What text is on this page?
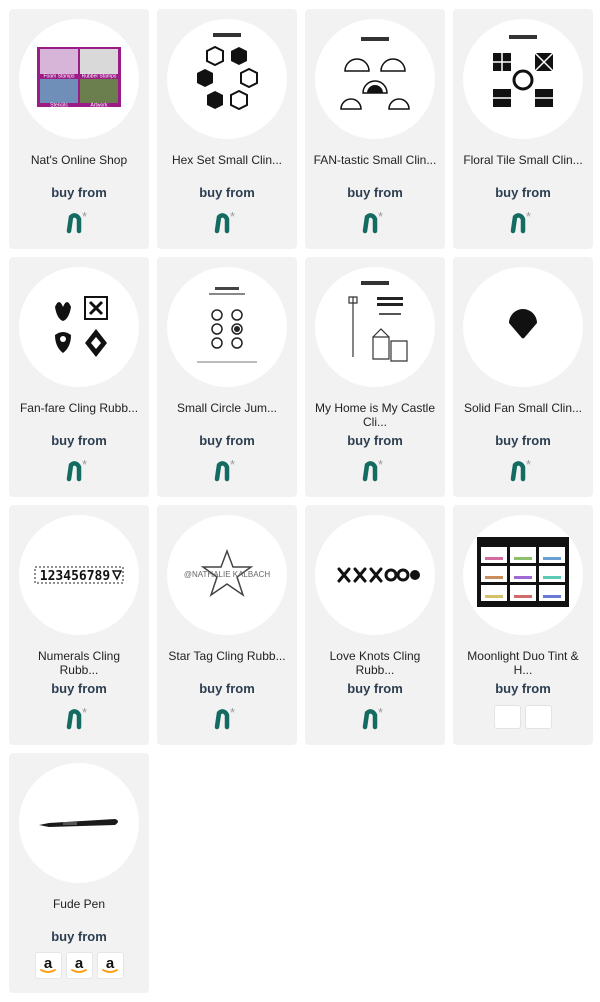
Foam Stamps Rubber Stamps
Stencils	Artwork
Nat's Online Shop
buy from
*
Hex Set Small Clin...
buy from
*
FAN-tastic Small Clin...
buy from
*
Floral Tile Small Clin...
buy from
*
Fan-fare Cling Rubb...
buy from
*
Small Circle Jum...
buy from
*
My Home is My Castle Cli...
buy from
*
Solid Fan Small Clin...
buy from
*
123456789
Numerals Cling Rubb...
buy from
*
@NATHALIE KALBACH
Star Tag Cling Rubb...
buy from
*
Love Knots Cling Rubb...
buy from
*
Moonlight Duo Tint & H...
buy from
Fude Pen
buy from
a a a
